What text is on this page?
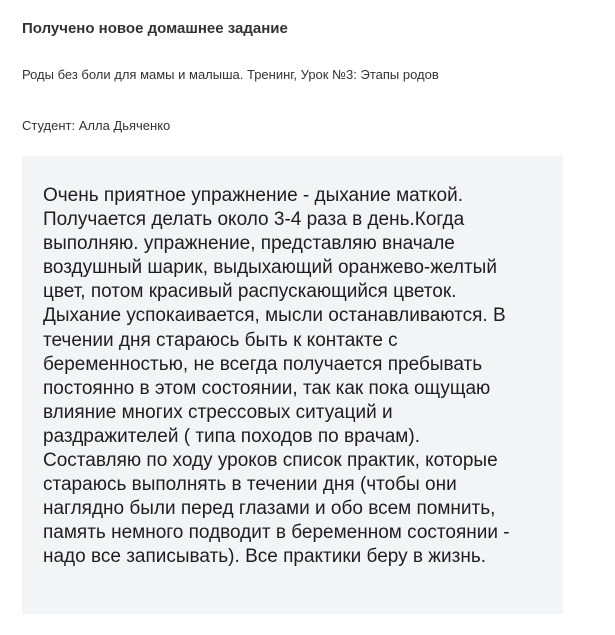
Получено новое домашнее задание
Роды без боли для мамы и малыша. Тренинг, Урок №3: Этапы родов
Студент: Алла Дьяченко

Очень приятное упражнение - дыхание маткой.
Получается делать около 3-4 раза в день.Когда
выполняю. упражнение, представляю вначале
воздушный шарик, выдыхающий оранжево-желтый
цвет, потом красивый распускающийся цветок.
Дыхание успокаивается, мысли останавливаются. В
течении дня стараюсь быть к контакте с
беременностью, не всегда получается пребывать
постоянно в этом состоянии, так как пока ощущаю
влияние многих стрессовых ситуаций и
раздражителей ( типа походов по врачам).
Составляю по ходу уроков список практик, которые
стараюсь выполнять в течении дня (чтобы они
наглядно были перед глазами и обо всем помнить,
память немного подводит в беременном состоянии -
надо все записывать). Все практики беру в жизнь.
